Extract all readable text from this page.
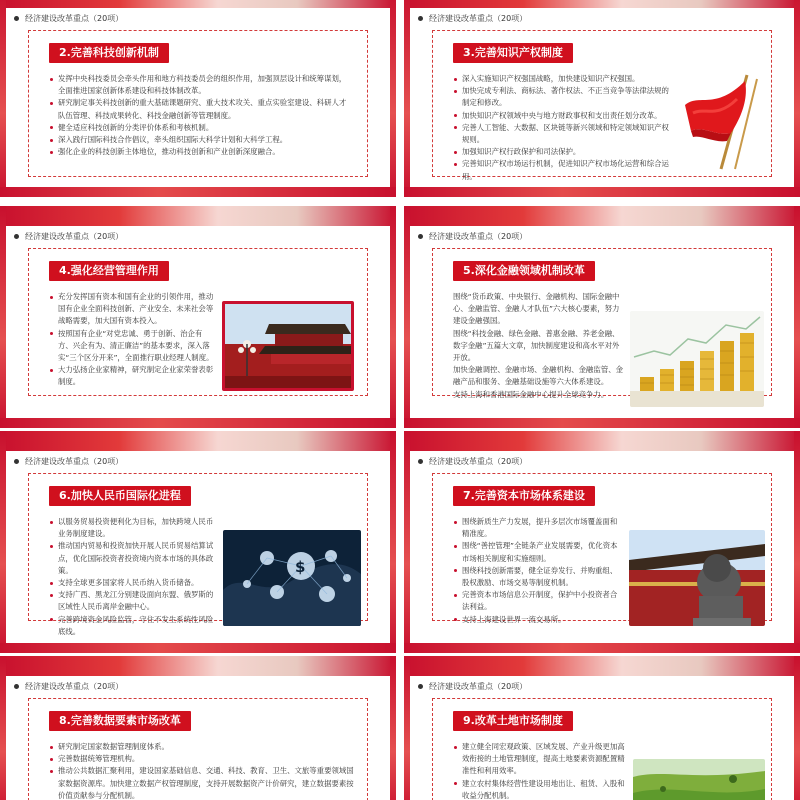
经济建设改革重点（20项）
2.完善科技创新机制
发挥中央科技委员会牵头作用和地方科技委员会的组织作用，加强顶层设计和统筹谋划，全面推进国家创新体系建设和科技体制改革。
研究制定事关科技创新的重大基础课题研究、重大技术攻关、重点实验室建设、科研人才队伍管理、科技成果转化、科技金融创新等管理制度。
健全适应科技创新的分类评价体系和考核机制。
深入践行国际科技合作倡议，牵头组织国际大科学计划和大科学工程。
强化企业的科技创新主体地位，推动科技创新和产业创新深度融合。
经济建设改革重点（20项）
3.完善知识产权制度
深入实施知识产权强国战略，加快建设知识产权强国。
加快完成专利法、商标法、著作权法、不正当竞争等法律法规的制定和修改。
加快知识产权领域中央与地方财政事权和支出责任划分改革。
完善人工智能、大数据、区块链等新兴领域和特定领域知识产权规则。
加强知识产权行政保护和司法保护。
完善知识产权市场运行机制，促进知识产权市场化运营和综合运用。
经济建设改革重点（20项）
4.强化经营管理作用
充分发挥国有资本和国有企业的引领作用，推动国有企业全面科技创新、产业安全、未来社会等战略需要，加大国有资本投入。
按照国有企业“对党忠诚、勇于创新、治企有方、兴企有为、清正廉洁”的基本要求，深入落实“三个区分开来”，全面推行职业经理人制度。
大力弘扬企业家精神，研究制定企业家荣誉表彰制度。
经济建设改革重点（20项）
5.深化金融领域机制改革
围绕“货币政策、中央银行、金融机构、国际金融中心、金融监管、金融人才队伍”六大核心要素，努力建设金融强国。
围绕“科技金融、绿色金融、普惠金融、养老金融、数字金融”五篇大文章，加快制度建设和高水平对外开放。
加快金融调控、金融市场、金融机构、金融监管、金融产品和服务、金融基础设施等六大体系建设。
支持上海和香港国际金融中心提升全球竞争力。
经济建设改革重点（20项）
6.加快人民币国际化进程
以服务贸易投资便利化为目标，加快跨境人民币业务制度建设。
推动国内贸易和投资加快开展人民币贸易结算试点，优化国际投资者投资境内资本市场的具体政策。
支持全球更多国家将人民币纳入货币储备。
支持广西、黑龙江分别建设面向东盟、俄罗斯的区域性人民币离岸金融中心。
完善跨境资金风险监管，守住不发生系统性风险底线。
$
经济建设改革重点（20项）
7.完善资本市场体系建设
围绕新质生产力发展，提升多层次市场覆盖面和精准度。
围绕“善控管理”全链条产业发展需要，优化资本市场相关制度和实施细则。
围绕科技创新需要，健全证券发行、并购重组、股权激励、市场交易等制度机制。
完善资本市场信息公开制度，保护中小投资者合法利益。
支持上海建设世界一流交易所。
经济建设改革重点（20项）
8.完善数据要素市场改革
研究制定国家数据管理制度体系。
完善数据统筹管理机构。
推动公共数据汇聚利用，建设国家基础信息、交通、科技、教育、卫生、文旅等重要领域国家数据资源库。加快建立数据产权管理制度，支持开展数据资产计价研究，建立数据要素按价值贡献参与分配机制。
经济建设改革重点（20项）
9.改革土地市场制度
建立健全同宏观政策、区域发展、产业升级更加高效衔接的土地管理制度，提高土地要素资源配置精准性和利用效率。
建立农村集体经营性建设用地出让、租赁、入股和收益分配机制。
